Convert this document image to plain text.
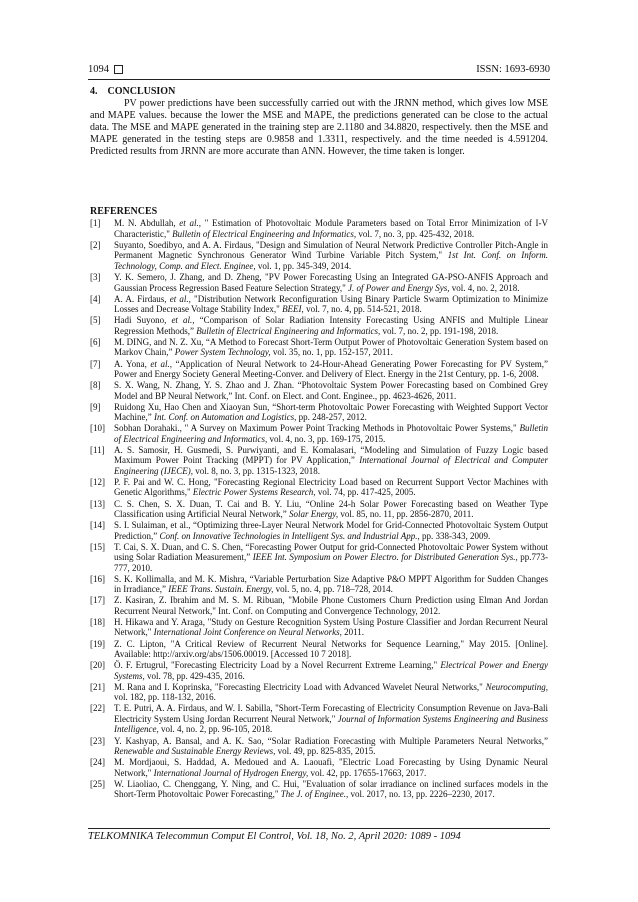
1094	ISSN: 1693-6930
4. CONCLUSION

PV power predictions have been successfully carried out with the JRNN method, which gives low MSE and MAPE values. because the lower the MSE and MAPE, the predictions generated can be close to the actual data. The MSE and MAPE generated in the training step are 2.1180 and 34.8820, respectively. then the MSE and MAPE generated in the testing steps are 0.9858 and 1.3311, respectively. and the time needed is 4.591204. Predicted results from JRNN are more accurate than ANN. However, the time taken is longer.

REFERENCES
[1]	M. N. Abdullah, et al., " Estimation of Photovoltaic Module Parameters based on Total Error Minimization of I-V Characteristic," Bulletin of Electrical Engineering and Informatics, vol. 7, no. 3, pp. 425-432, 2018.
[2]	Suyanto, Soedibyo, and A. A. Firdaus, "Design and Simulation of Neural Network Predictive Controller Pitch-Angle in Permanent Magnetic Synchronous Generator Wind Turbine Variable Pitch System," 1st Int. Conf. on Inform. Technology, Comp. and Elect. Enginee, vol. 1, pp. 345-349, 2014.
[3]	Y. K. Semero, J. Zhang, and D. Zheng, "PV Power Forecasting Using an Integrated GA-PSO-ANFIS Approach and Gaussian Process Regression Based Feature Selection Strategy," J. of Power and Energy Sys, vol. 4, no. 2, 2018.
[4]	A. A. Firdaus, et al., "Distribution Network Reconfiguration Using Binary Particle Swarm Optimization to Minimize Losses and Decrease Voltage Stability Index," BEEI, vol. 7, no. 4, pp. 514-521, 2018.
[5]	Hadi Suyono, et al., “Comparison of Solar Radiation Intensity Forecasting Using ANFIS and Multiple Linear Regression Methods,” Bulletin of Electrical Engineering and Informatics, vol. 7, no. 2, pp. 191-198, 2018.
[6]	M. DING, and N. Z. Xu, “A Method to Forecast Short-Term Output Power of Photovoltaic Generation System based on Markov Chain,” Power System Technology, vol. 35, no. 1, pp. 152-157, 2011.
[7]	A. Yona, et al., “Application of Neural Network to 24-Hour-Ahead Generating Power Forecasting for PV System,” Power and Energy Society General Meeting-Conver. and Delivery of Elect. Energy in the 21st Century, pp. 1-6, 2008.
[8]	S. X. Wang, N. Zhang, Y. S. Zhao and J. Zhan. “Photovoltaic System Power Forecasting based on Combined Grey Model and BP Neural Network,” Int. Conf. on Elect. and Cont. Enginee., pp. 4623-4626, 2011.
[9]	Ruidong Xu, Hao Chen and Xiaoyan Sun, “Short-term Photovoltaic Power Forecasting with Weighted Support Vector Machine,” Int. Conf. on Automation and Logistics, pp. 248-257, 2012.
[10]	Sobhan Dorahaki., " A Survey on Maximum Power Point Tracking Methods in Photovoltaic Power Systems," Bulletin of Electrical Engineering and Informatics, vol. 4, no. 3, pp. 169-175, 2015.
[11]	A. S. Samosir, H. Gusmedi, S. Purwiyanti, and E. Komalasari, “Modeling and Simulation of Fuzzy Logic based Maximum Power Point Tracking (MPPT) for PV Application,” International Journal of Electrical and Computer Engineering (IJECE), vol. 8, no. 3, pp. 1315-1323, 2018.
[12]	P. F. Pai and W. C. Hong, "Forecasting Regional Electricity Load based on Recurrent Support Vector Machines with Genetic Algorithms," Electric Power Systems Research, vol. 74, pp. 417-425, 2005.
[13]	C. S. Chen, S. X. Duan, T. Cai and B. Y. Liu, “Online 24-h Solar Power Forecasting based on Weather Type Classification using Artificial Neural Network,” Solar Energy, vol. 85, no. 11, pp. 2856-2870, 2011.
[14]	S. I. Sulaiman, et al., “Optimizing three-Layer Neural Network Model for Grid-Connected Photovoltaic System Output Prediction,” Conf. on Innovative Technologies in Intelligent Sys. and Industrial App., pp. 338-343, 2009.
[15]	T. Cai, S. X. Duan, and C. S. Chen, “Forecasting Power Output for grid-Connected Photovoltaic Power System without using Solar Radiation Measurement,” IEEE Int. Symposium on Power Electro. for Distributed Generation Sys., pp.773-777, 2010.
[16]	S. K. Kollimalla, and M. K. Mishra, “Variable Perturbation Size Adaptive P&O MPPT Algorithm for Sudden Changes in Irradiance,” IEEE Trans. Sustain. Energy, vol. 5, no. 4, pp. 718–728, 2014.
[17]	Z. Kasiran, Z. Ibrahim and M. S. M. Ribuan, "Mobile Phone Customers Churn Prediction using Elman And Jordan Recurrent Neural Network," Int. Conf. on Computing and Convergence Technology, 2012.
[18]	H. Hikawa and Y. Araga, "Study on Gesture Recognition System Using Posture Classifier and Jordan Recurrent Neural Network," International Joint Conference on Neural Networks, 2011.
[19]	Z. C. Lipton, "A Critical Review of Recurrent Neural Networks for Sequence Learning," May 2015. [Online]. Available: http://arxiv.org/abs/1506.00019. [Accessed 10 7 2018].
[20]	Ö. F. Ertugrul, "Forecasting Electricity Load by a Novel Recurrent Extreme Learning," Electrical Power and Energy Systems, vol. 78, pp. 429-435, 2016.
[21]	M. Rana and I. Koprinska, "Forecasting Electricity Load with Advanced Wavelet Neural Networks," Neurocomputing, vol. 182, pp. 118-132, 2016.
[22]	T. E. Putri, A. A. Firdaus, and W. I. Sabilla, "Short-Term Forecasting of Electricity Consumption Revenue on Java-Bali Electricity System Using Jordan Recurrent Neural Network," Journal of Information Systems Engineering and Business Intelligence, vol. 4, no. 2, pp. 96-105, 2018.
[23]	Y. Kashyap, A. Bansal, and A. K. Sao, “Solar Radiation Forecasting with Multiple Parameters Neural Networks,” Renewable and Sustainable Energy Reviews, vol. 49, pp. 825-835, 2015.
[24]	M. Mordjaoui, S. Haddad, A. Medoued and A. Laouafi, "Electric Load Forecasting by Using Dynamic Neural Network," International Journal of Hydrogen Energy, vol. 42, pp. 17655-17663, 2017.
[25]	W. Liaoliao, C. Chenggang, Y. Ning, and C. Hui, "Evaluation of solar irradiance on inclined surfaces models in the Short-Term Photovoltaic Power Forecasting," The J. of Enginee., vol. 2017, no. 13, pp. 2226–2230, 2017.
TELKOMNIKA Telecommun Comput El Control, Vol. 18, No. 2, April 2020: 1089 - 1094
